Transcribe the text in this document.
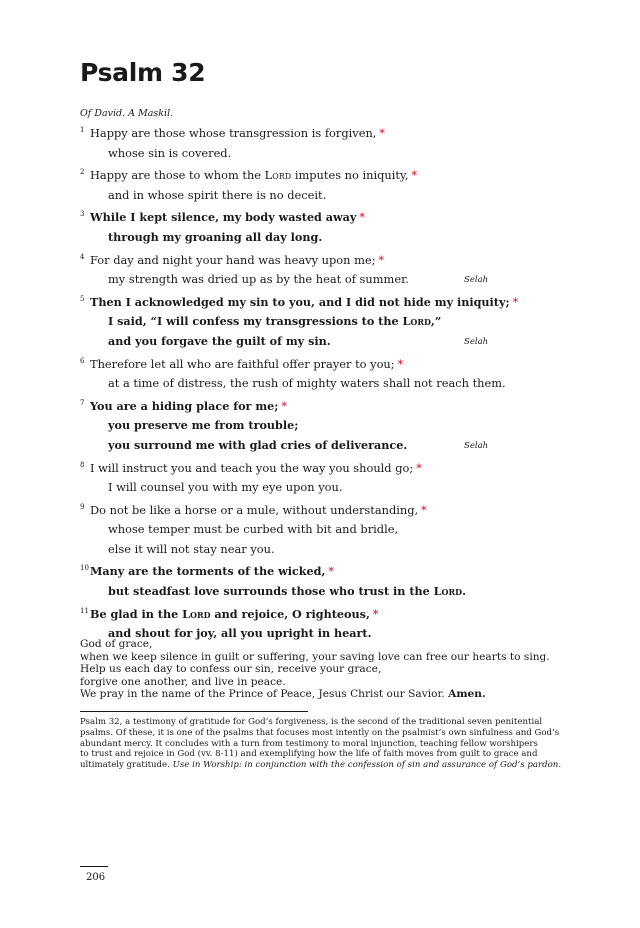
Psalm 32
Of David. A Maskil.
1 Happy are those whose transgression is forgiven, *
whose sin is covered.
2 Happy are those to whom the Lord imputes no iniquity, *
and in whose spirit there is no deceit.
3 While I kept silence, my body wasted away *
through my groaning all day long.
4 For day and night your hand was heavy upon me; *
my strength was dried up as by the heat of summer.	Selah
5 Then I acknowledged my sin to you, and I did not hide my iniquity; *
I said, “I will confess my transgressions to the Lord,”
and you forgave the guilt of my sin.	Selah
6 Therefore let all who are faithful offer prayer to you; *
at a time of distress, the rush of mighty waters shall not reach them.
7 You are a hiding place for me; *
you preserve me from trouble;
you surround me with glad cries of deliverance.	Selah
8 I will instruct you and teach you the way you should go; *
I will counsel you with my eye upon you.
9 Do not be like a horse or a mule, without understanding, *
whose temper must be curbed with bit and bridle,
else it will not stay near you.
10 Many are the torments of the wicked, *
but steadfast love surrounds those who trust in the Lord.
11 Be glad in the Lord and rejoice, O righteous, *
and shout for joy, all you upright in heart.
God of grace,
when we keep silence in guilt or suffering, your saving love can free our hearts to sing.
Help us each day to confess our sin, receive your grace,
forgive one another, and live in peace.
We pray in the name of the Prince of Peace, Jesus Christ our Savior. Amen.
Psalm 32, a testimony of gratitude for God’s forgiveness, is the second of the traditional seven penitential
psalms. Of these, it is one of the psalms that focuses most intently on the psalmist’s own sinfulness and God’s
abundant mercy. It concludes with a turn from testimony to moral injunction, teaching fellow worshipers
to trust and rejoice in God (vv. 8-11) and exemplifying how the life of faith moves from guilt to grace and
ultimately gratitude. Use in Worship: in conjunction with the confession of sin and assurance of God’s pardon.
206
